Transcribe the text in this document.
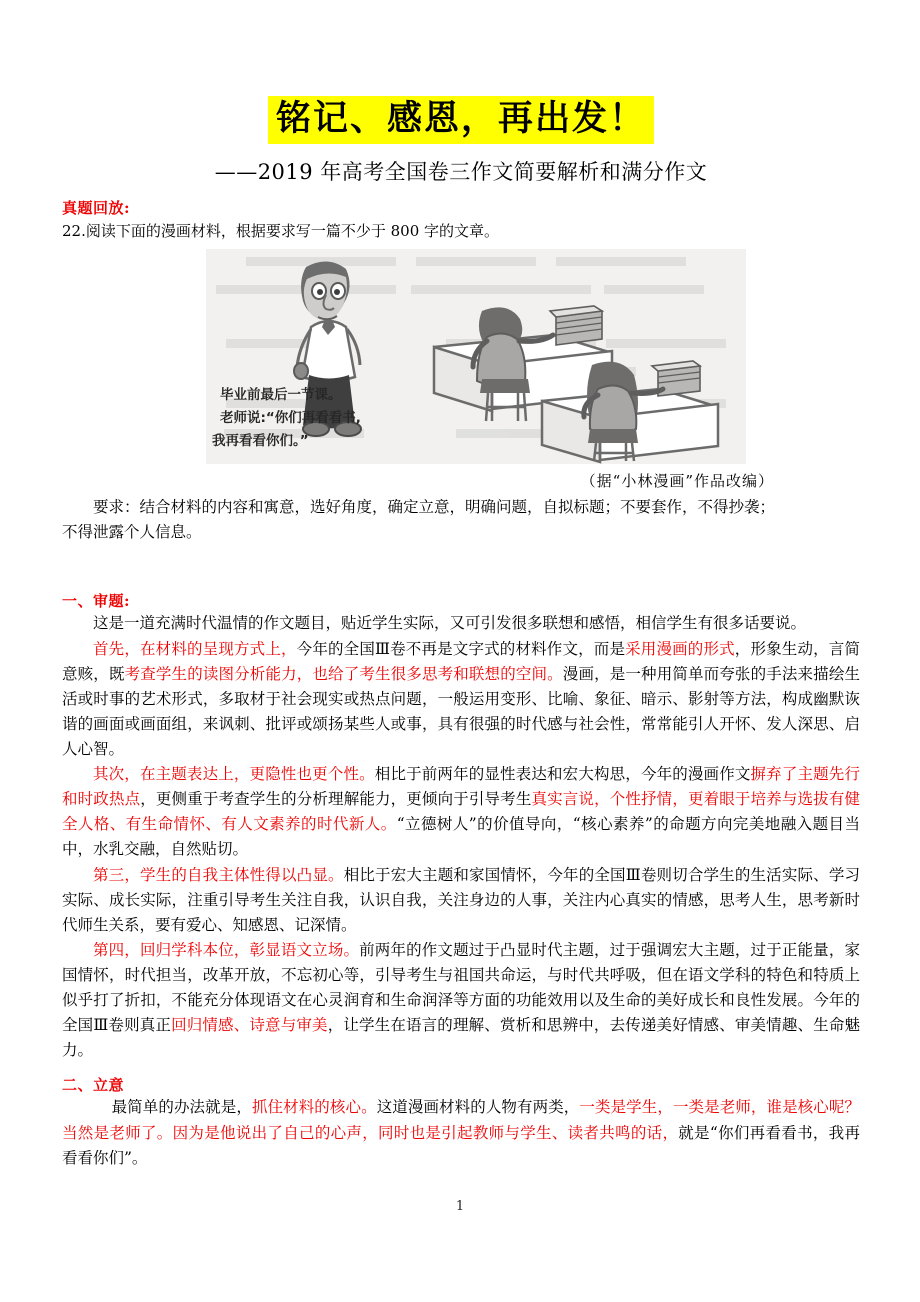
铭记、感恩，再出发！
——2019 年高考全国卷三作文简要解析和满分作文
真题回放:
22.阅读下面的漫画材料，根据要求写一篇不少于 800 字的文章。
毕业前最后一节课。
老师说:“你们再看看书,
我再看看你们。”
（据“小林漫画”作品改编）
要求：结合材料的内容和寓意，选好角度，确定立意，明确问题，自拟标题；不要套作，不得抄袭；
不得泄露个人信息。
一、审题:
这是一道充满时代温情的作文题目，贴近学生实际，又可引发很多联想和感悟，相信学生有很多话要说。
首先，在材料的呈现方式上，今年的全国Ⅲ卷不再是文字式的材料作文，而是采用漫画的形式，形象生动，言简意赅，既考查学生的读图分析能力，也给了考生很多思考和联想的空间。漫画，是一种用简单而夸张的手法来描绘生活或时事的艺术形式，多取材于社会现实或热点问题，一般运用变形、比喻、象征、暗示、影射等方法，构成幽默诙谐的画面或画面组，来讽刺、批评或颂扬某些人或事，具有很强的时代感与社会性，常常能引人开怀、发人深思、启人心智。
其次，在主题表达上，更隐性也更个性。相比于前两年的显性表达和宏大构思，今年的漫画作文摒弃了主题先行和时政热点，更侧重于考查学生的分析理解能力，更倾向于引导考生真实言说，个性抒情，更着眼于培养与选拔有健全人格、有生命情怀、有人文素养的时代新人。“立德树人”的价值导向，“核心素养”的命题方向完美地融入题目当中，水乳交融，自然贴切。
第三，学生的自我主体性得以凸显。相比于宏大主题和家国情怀，今年的全国Ⅲ卷则切合学生的生活实际、学习实际、成长实际，注重引导考生关注自我，认识自我，关注身边的人事，关注内心真实的情感，思考人生，思考新时代师生关系，要有爱心、知感恩、记深情。
第四，回归学科本位，彰显语文立场。前两年的作文题过于凸显时代主题，过于强调宏大主题，过于正能量，家国情怀，时代担当，改革开放，不忘初心等，引导考生与祖国共命运，与时代共呼吸，但在语文学科的特色和特质上似乎打了折扣，不能充分体现语文在心灵润育和生命润泽等方面的功能效用以及生命的美好成长和良性发展。今年的全国Ⅲ卷则真正回归情感、诗意与审美，让学生在语言的理解、赏析和思辨中，去传递美好情感、审美情趣、生命魅力。
二、立意
最简单的办法就是，抓住材料的核心。这道漫画材料的人物有两类，一类是学生，一类是老师，谁是核心呢？当然是老师了。因为是他说出了自己的心声，同时也是引起教师与学生、读者共鸣的话，就是“你们再看看书，我再看看你们”。
1
